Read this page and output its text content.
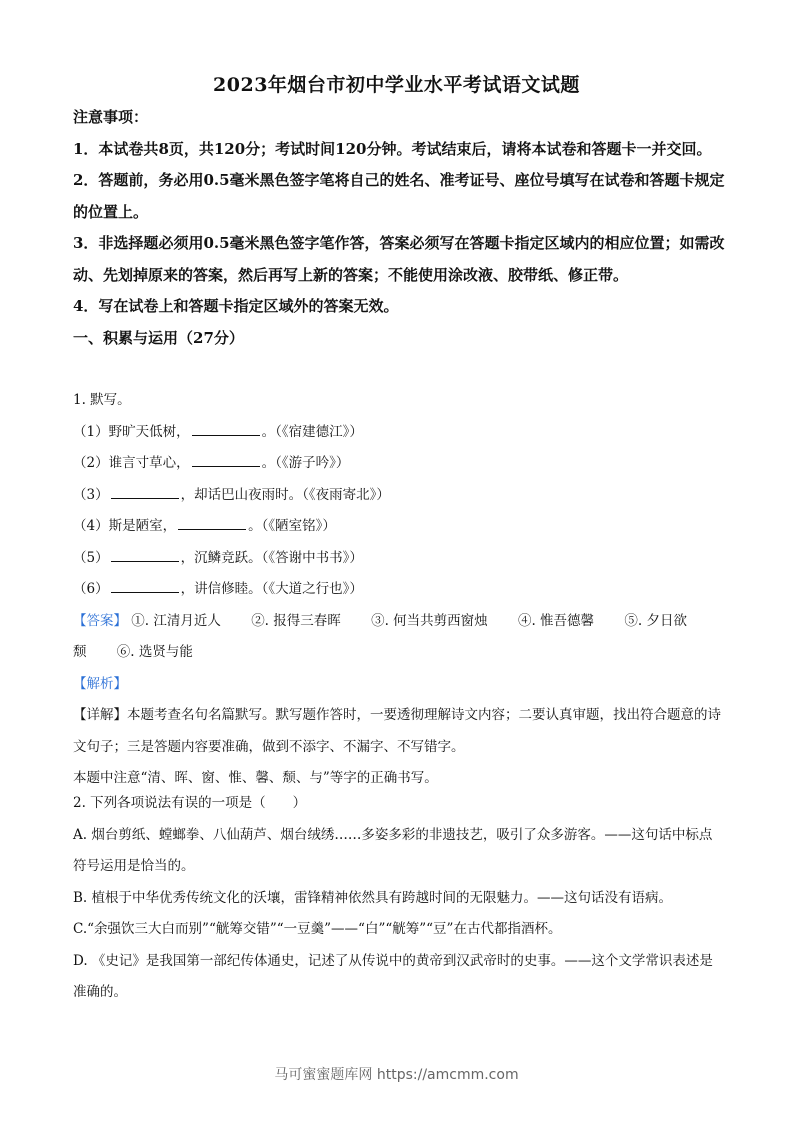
2023年烟台市初中学业水平考试语文试题

注意事项：

1．本试卷共8页，共120分；考试时间120分钟。考试结束后，请将本试卷和答题卡一并交回。

2．答题前，务必用0.5毫米黑色签字笔将自己的姓名、准考证号、座位号填写在试卷和答题卡规定的位置上。

3．非选择题必须用0.5毫米黑色签字笔作答，答案必须写在答题卡指定区域内的相应位置；如需改动、先划掉原来的答案，然后再写上新的答案；不能使用涂改液、胶带纸、修正带。

4．写在试卷上和答题卡指定区域外的答案无效。

一、积累与运用（27分）

1. 默写。

（1）野旷天低树，	。（《宿建德江》）

（2）谁言寸草心，	。（《游子吟》）

（3）	，却话巴山夜雨时。（《夜雨寄北》）

（4）斯是陋室，	。（《陋室铭》）

（5）	，沉鳞竞跃。（《答谢中书书》）

（6）	，讲信修睦。（《大道之行也》）

【答案】 ①. 江清月近人 ②. 报得三春晖 ③. 何当共剪西窗烛 ④. 惟吾德馨 ⑤. 夕日欲颓 ⑥. 选贤与能

【解析】

【详解】本题考查名句名篇默写。默写题作答时，一要透彻理解诗文内容；二要认真审题，找出符合题意的诗文句子；三是答题内容要准确，做到不添字、不漏字、不写错字。

本题中注意“清、晖、窗、惟、馨、颓、与”等字的正确书写。

2. 下列各项说法有误的一项是（　　）

A. 烟台剪纸、螳螂拳、八仙葫芦、烟台绒绣……多姿多彩的非遗技艺，吸引了众多游客。——这句话中标点符号运用是恰当的。

B. 植根于中华优秀传统文化的沃壤，雷锋精神依然具有跨越时间的无限魅力。——这句话没有语病。

C.“余强饮三大白而别”“觥筹交错”“一豆羹”——“白”“觥筹”“豆”在古代都指酒杯。

D. 《史记》是我国第一部纪传体通史，记述了从传说中的黄帝到汉武帝时的史事。——这个文学常识表述是准确的。

马可蜜蜜题库网 https://amcmm.com
